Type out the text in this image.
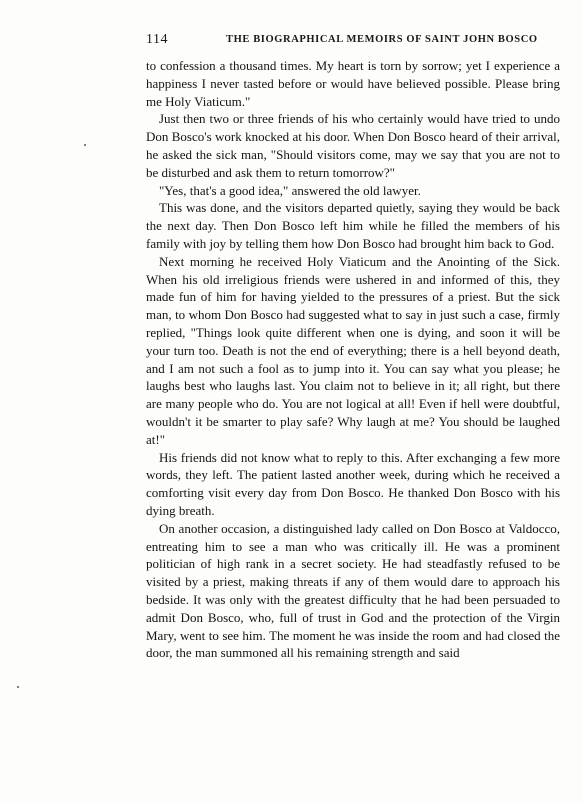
114	THE BIOGRAPHICAL MEMOIRS OF SAINT JOHN BOSCO

to confession a thousand times. My heart is torn by sorrow; yet I experience a happiness I never tasted before or would have believed possible. Please bring me Holy Viaticum."

Just then two or three friends of his who certainly would have tried to undo Don Bosco's work knocked at his door. When Don Bosco heard of their arrival, he asked the sick man, "Should visitors come, may we say that you are not to be disturbed and ask them to return tomorrow?"

"Yes, that's a good idea," answered the old lawyer.

This was done, and the visitors departed quietly, saying they would be back the next day. Then Don Bosco left him while he filled the members of his family with joy by telling them how Don Bosco had brought him back to God.

Next morning he received Holy Viaticum and the Anointing of the Sick. When his old irreligious friends were ushered in and informed of this, they made fun of him for having yielded to the pressures of a priest. But the sick man, to whom Don Bosco had suggested what to say in just such a case, firmly replied, "Things look quite different when one is dying, and soon it will be your turn too. Death is not the end of everything; there is a hell beyond death, and I am not such a fool as to jump into it. You can say what you please; he laughs best who laughs last. You claim not to believe in it; all right, but there are many people who do. You are not logical at all! Even if hell were doubtful, wouldn't it be smarter to play safe? Why laugh at me? You should be laughed at!"

His friends did not know what to reply to this. After exchanging a few more words, they left. The patient lasted another week, during which he received a comforting visit every day from Don Bosco. He thanked Don Bosco with his dying breath.

On another occasion, a distinguished lady called on Don Bosco at Valdocco, entreating him to see a man who was critically ill. He was a prominent politician of high rank in a secret society. He had steadfastly refused to be visited by a priest, making threats if any of them would dare to approach his bedside. It was only with the greatest difficulty that he had been persuaded to admit Don Bosco, who, full of trust in God and the protection of the Virgin Mary, went to see him. The moment he was inside the room and had closed the door, the man summoned all his remaining strength and said
